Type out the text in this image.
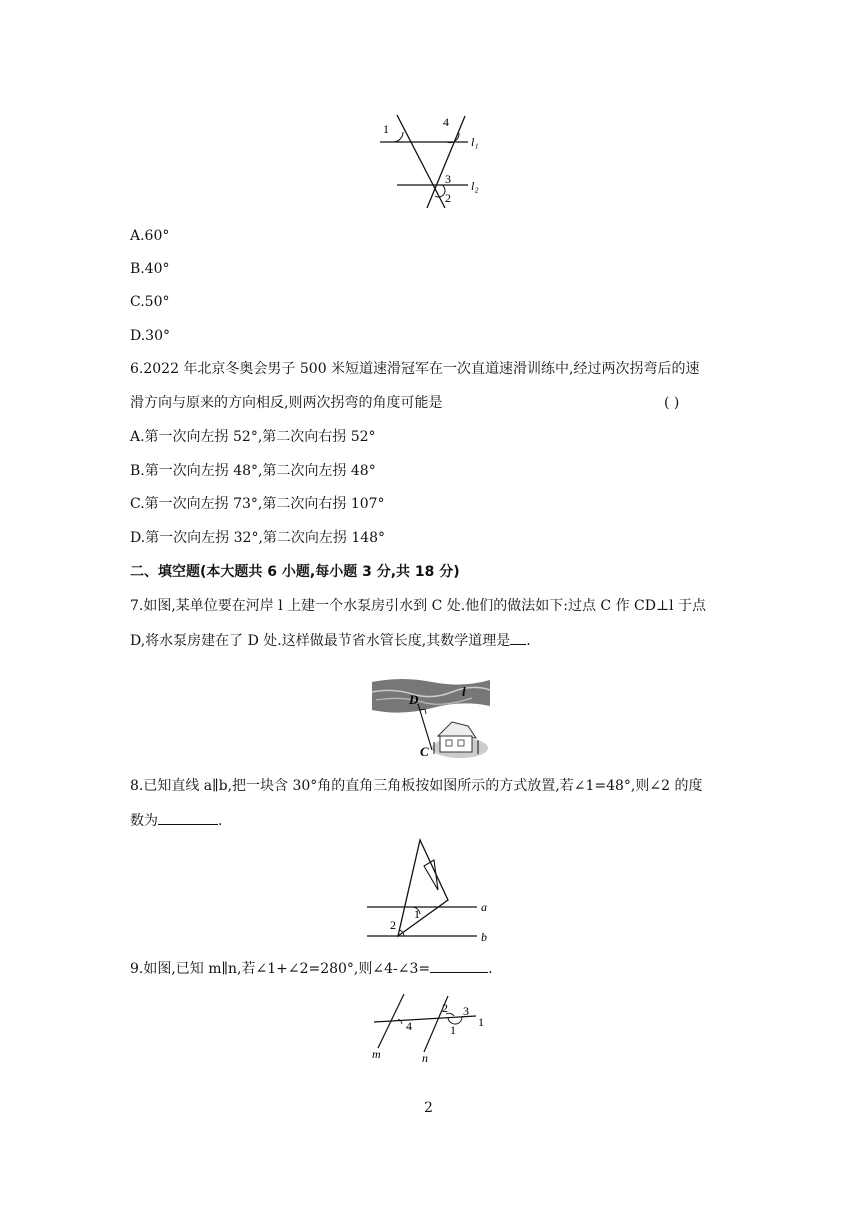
1	4
l₁
3 l₂
2
A.60°
B.40°
C.50°
D.30°
6.2022 年北京冬奥会男子 500 米短道速滑冠军在一次直道速滑训练中,经过两次拐弯后的速
滑方向与原来的方向相反,则两次拐弯的角度可能是	( )
A.第一次向左拐 52°,第二次向右拐 52°
B.第一次向左拐 48°,第二次向左拐 48°
C.第一次向左拐 73°,第二次向右拐 107°
D.第一次向左拐 32°,第二次向左拐 148°
二、填空题(本大题共 6 小题,每小题 3 分,共 18 分)
7.如图,某单位要在河岸 l 上建一个水泵房引水到 C 处.他们的做法如下:过点 C 作 CD⊥l 于点
D,将水泵房建在了 D 处.这样做最节省水管长度,其数学道理是 .
D
l
C
8.已知直线 a∥b,把一块含 30°角的直角三角板按如图所示的方式放置,若∠1=48°,则∠2 的度
数为	.
2
1	a
b
9.如图,已知 m∥n,若∠1+∠2=280°,则∠4-∠3=	.
4
2 3
1
1
m	n
2
